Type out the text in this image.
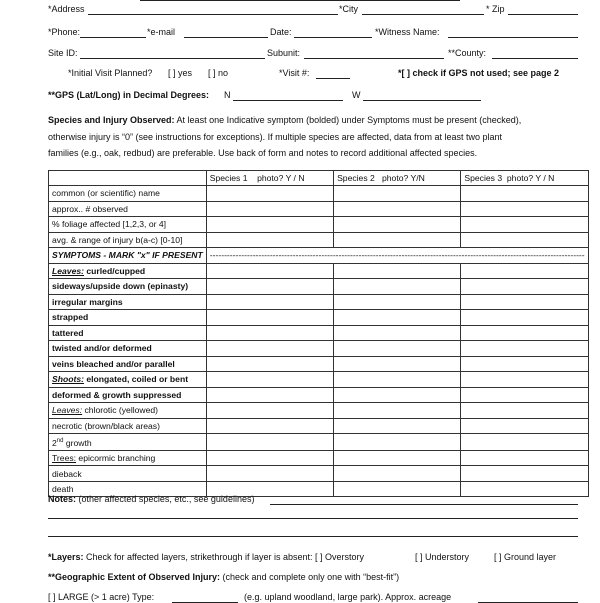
*Address	*City	* Zip
*Phone:	*e-mail	Date:	*Witness Name:
Site ID:	Subunit:	**County:
*Initial Visit Planned? [ ] yes [ ] no	*Visit #:	*[ ] check if GPS not used; see page 2
**GPS (Lat/Long) in Decimal Degrees: N	W
Species and Injury Observed: At least one Indicative symptom (bolded) under Symptoms must be present (checked),
otherwise injury is “0” (see instructions for exceptions). If multiple species are affected, data from at least two plant
families (e.g., oak, redbud) are preferable. Use back of form and notes to record additional affected species.
	Species 1 photo? Y / N	Species 2 photo? Y/N	Species 3 photo? Y / N
common (or scientific) name			
approx.. # observed			
% foliage affected [1,2,3, or 4]			
avg. & range of injury b(a-c) [0-10]			
SYMPTOMS - MARK "x" IF PRESENT	-----------------------------------------------------------------------------------------------------------------------------------		
Leaves: curled/cupped			
sideways/upside down (epinasty)			
irregular margins			
strapped			
tattered			
twisted and/or deformed			
veins bleached and/or parallel			
Shoots: elongated, coiled or bent			
deformed & growth suppressed			
Leaves: chlorotic (yellowed)			
necrotic (brown/black areas)			
2nd growth			
Trees: epicormic branching			
dieback			
death			
Notes: (other affected species, etc., see guidelines)
*Layers: Check for affected layers, strikethrough if layer is absent: [ ] Overstory	[ ] Understory	[ ] Ground layer
**Geographic Extent of Observed Injury: (check and complete only one with “best-fit”)
[ ] LARGE (> 1 acre) Type:	(e.g. upland woodland, large park). Approx. acreage
